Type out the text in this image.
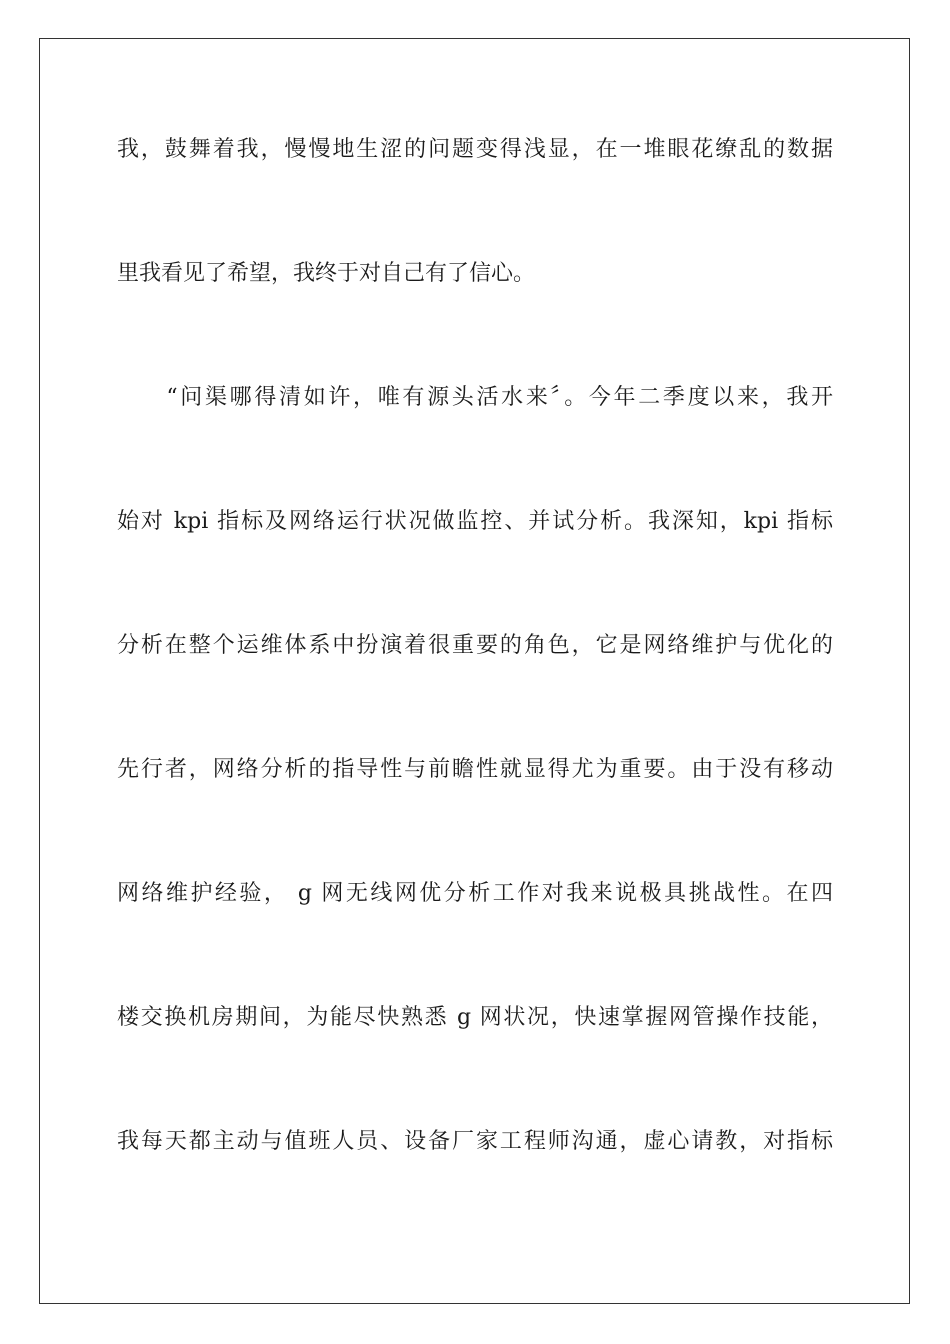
我，鼓舞着我，慢慢地生涩的问题变得浅显，在一堆眼花缭乱的数据
里我看见了希望，我终于对自己有了信心。
　　“问渠哪得清如许，唯有源头活水来〞。今年二季度以来，我开
始对 kpi 指标及网络运行状况做监控、并试分析。我深知，kpi 指标
分析在整个运维体系中扮演着很重要的角色，它是网络维护与优化的
先行者，网络分析的指导性与前瞻性就显得尤为重要。由于没有移动
网络维护经验， g 网无线网优分析工作对我来说极具挑战性。在四
楼交换机房期间，为能尽快熟悉 g 网状况，快速掌握网管操作技能，
我每天都主动与值班人员、设备厂家工程师沟通，虚心请教，对指标
